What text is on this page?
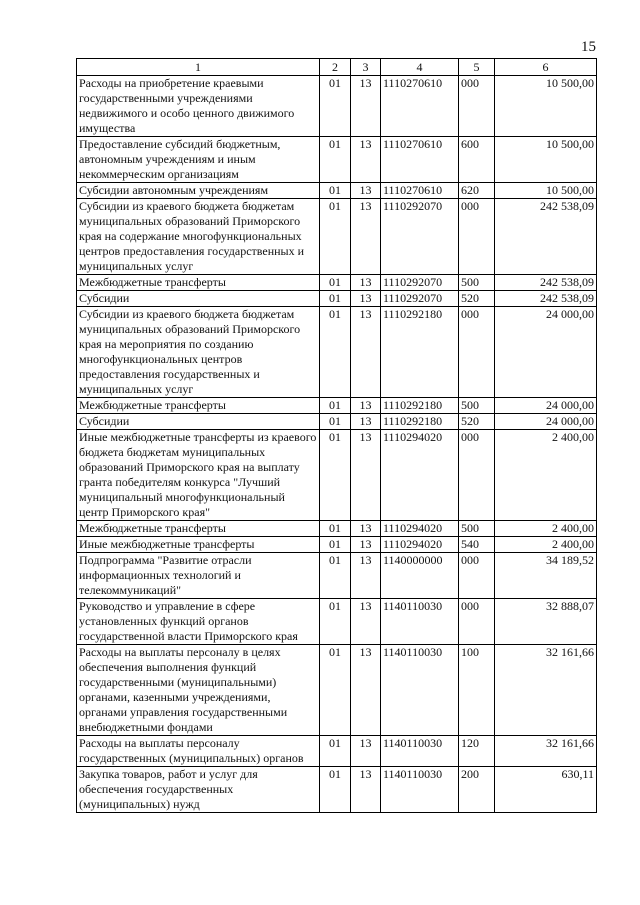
15
1	2	3	4	5	6
Расходы на приобретение краевыми государственными учреждениями недвижимого и особо ценного движимого имущества	01	13	1110270610	000	10 500,00
Предоставление субсидий бюджетным, автономным учреждениям и иным некоммерческим организациям	01	13	1110270610	600	10 500,00
Субсидии автономным учреждениям	01	13	1110270610	620	10 500,00
Субсидии из краевого бюджета бюджетам муниципальных образований Приморского края на содержание многофункциональных центров предоставления государственных и муниципальных услуг	01	13	1110292070	000	242 538,09
Межбюджетные трансферты	01	13	1110292070	500	242 538,09
Субсидии	01	13	1110292070	520	242 538,09
Субсидии из краевого бюджета бюджетам муниципальных образований Приморского края на мероприятия по созданию многофункциональных центров предоставления государственных и муниципальных услуг	01	13	1110292180	000	24 000,00
Межбюджетные трансферты	01	13	1110292180	500	24 000,00
Субсидии	01	13	1110292180	520	24 000,00
Иные межбюджетные трансферты из краевого бюджета бюджетам муниципальных образований Приморского края на выплату гранта победителям конкурса "Лучший муниципальный многофункциональный центр Приморского края"	01	13	1110294020	000	2 400,00
Межбюджетные трансферты	01	13	1110294020	500	2 400,00
Иные межбюджетные трансферты	01	13	1110294020	540	2 400,00
Подпрограмма "Развитие отрасли информационных технологий и телекоммуникаций"	01	13	1140000000	000	34 189,52
Руководство и управление в сфере установленных функций органов государственной власти Приморского края	01	13	1140110030	000	32 888,07
Расходы на выплаты персоналу в целях обеспечения выполнения функций государственными (муниципальными) органами, казенными учреждениями, органами управления государственными внебюджетными фондами	01	13	1140110030	100	32 161,66
Расходы на выплаты персоналу государственных (муниципальных) органов	01	13	1140110030	120	32 161,66
Закупка товаров, работ и услуг для обеспечения государственных (муниципальных) нужд	01	13	1140110030	200	630,11
